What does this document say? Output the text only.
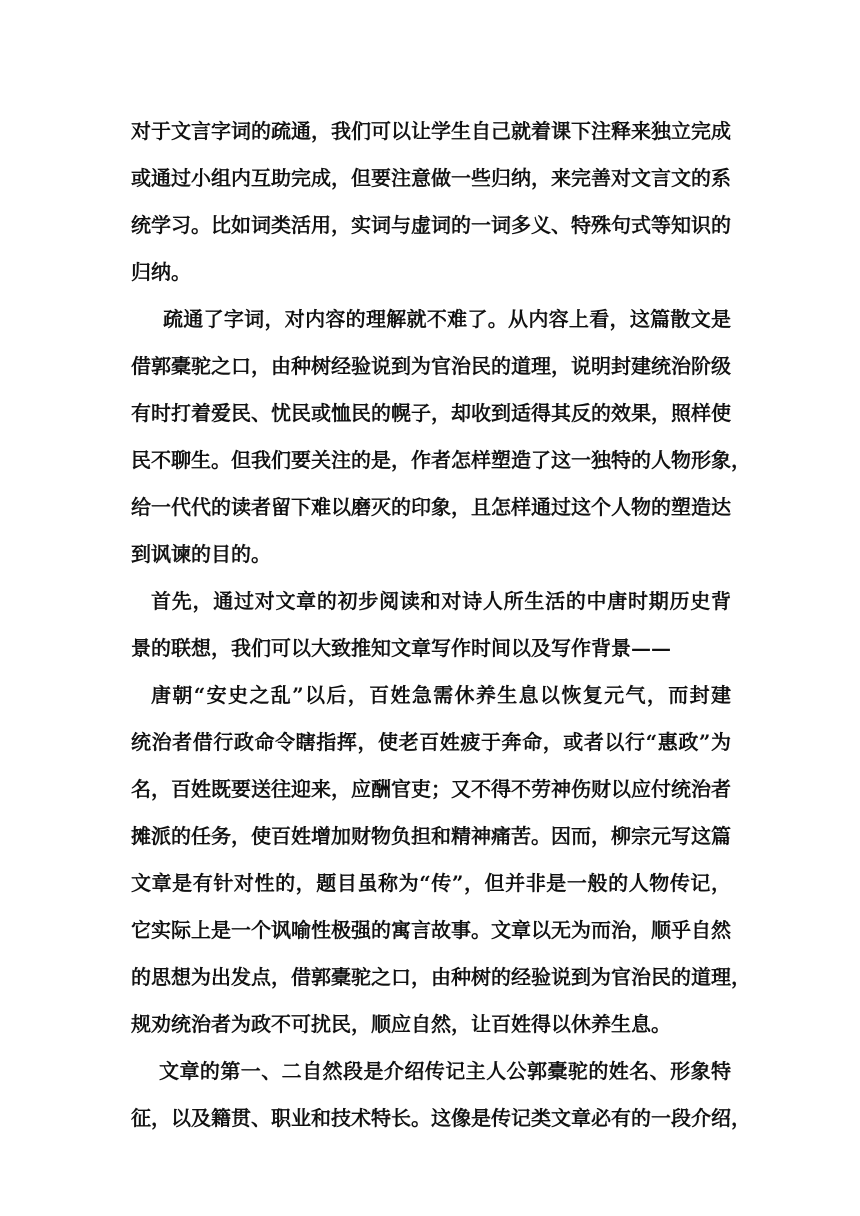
对于文言字词的疏通，我们可以让学生自己就着课下注释来独立完成
或通过小组内互助完成，但要注意做一些归纳，来完善对文言文的系
统学习。比如词类活用，实词与虚词的一词多义、特殊句式等知识的
归纳。
疏通了字词，对内容的理解就不难了。从内容上看，这篇散文是
借郭橐驼之口，由种树经验说到为官治民的道理，说明封建统治阶级
有时打着爱民、忧民或恤民的幌子，却收到适得其反的效果，照样使
民不聊生。但我们要关注的是，作者怎样塑造了这一独特的人物形象，
给一代代的读者留下难以磨灭的印象，且怎样通过这个人物的塑造达
到讽谏的目的。
首先，通过对文章的初步阅读和对诗人所生活的中唐时期历史背
景的联想，我们可以大致推知文章写作时间以及写作背景——
唐朝“安史之乱”以后，百姓急需休养生息以恢复元气，而封建
统治者借行政命令瞎指挥，使老百姓疲于奔命，或者以行“惠政”为
名，百姓既要送往迎来，应酬官吏；又不得不劳神伤财以应付统治者
摊派的任务，使百姓增加财物负担和精神痛苦。因而，柳宗元写这篇
文章是有针对性的，题目虽称为“传”，但并非是一般的人物传记，
它实际上是一个讽喻性极强的寓言故事。文章以无为而治，顺乎自然
的思想为出发点，借郭橐驼之口，由种树的经验说到为官治民的道理，
规劝统治者为政不可扰民，顺应自然，让百姓得以休养生息。
文章的第一、二自然段是介绍传记主人公郭橐驼的姓名、形象特
征，以及籍贯、职业和技术特长。这像是传记类文章必有的一段介绍，
